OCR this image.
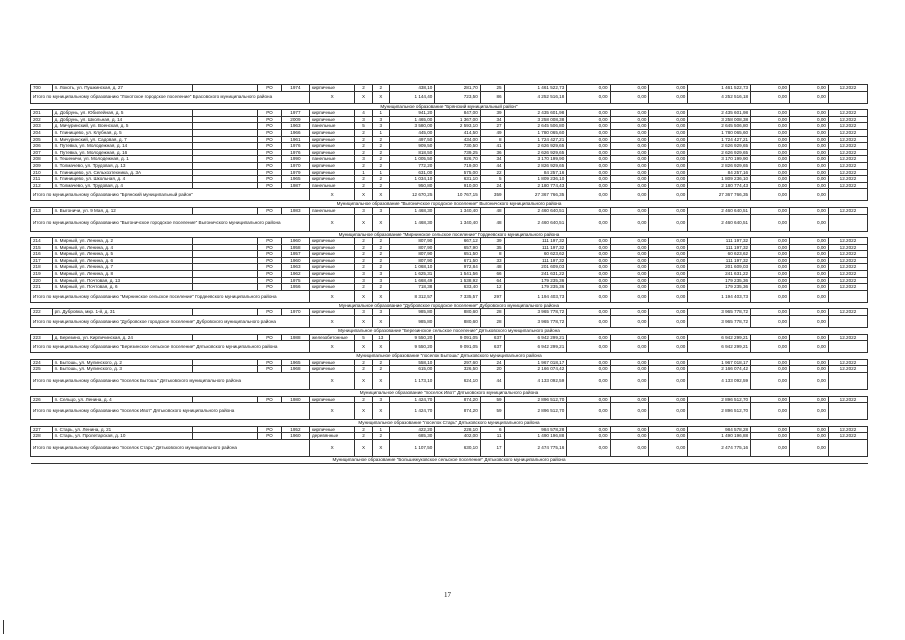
700	п. Локоть, ул. Пушкинская, д. 27		РО	1974	кирпичные	2	2	438,10	281,70	25	1 461 522,73	0,00	0,00	0,00	1 461 522,73	0,00	0,00	12.2022
Итого по муниципальному образованию "Локотское городское поселение" Брасовского муниципального района					X	X	X	1 144,40	723,50	86	4 252 516,18	0,00	0,00	0,00	4 252 516,18	0,00	0,00	
Муниципальное образование "Брянский муниципальный район"																		
201	д. Добрунь, ул. Юбилейная, д. 5		РО	1977	кирпичные	4	1	941,20	847,00	39	2 435 601,98	0,00	0,00	0,00	2 435 601,98	0,00	0,00	12.2022
202	д. Добрунь, ул. Школьная, д. 14		РО	2009	кирпичные	3	3	1 465,00	1 367,00	34	3 258 008,38	0,00	0,00	0,00	3 258 008,38	0,00	0,00	12.2022
203	д. Мичуринский, ул. Военская, д. 5		РО	1963	панельные	5	3	3 580,00	2 593,10	27	2 645 506,80	0,00	0,00	0,00	2 645 506,80	0,00	0,00	12.2022
204	п. Глинищево, ул. Клубная, д. 5		РО	1966	кирпичные	2	1	445,00	414,50	49	1 780 065,60	0,00	0,00	0,00	1 780 065,60	0,00	0,00	12.2022
205	п. Мичуринский, ул. Садовая, д. 7		РО	1961	кирпичные	2	2	497,50	434,00	8	1 724 427,21	0,00	0,00	0,00	1 724 427,21	0,00	0,00	12.2022
206	п. Путевка, ул. Молодежная, д. 14		РО	1976	кирпичные	2	2	909,50	730,50	41	2 626 929,65	0,00	0,00	0,00	2 626 929,65	0,00	0,00	12.2022
207	п. Путевка, ул. Молодежная, д. 16		РО	1976	кирпичные	2	2	818,50	739,25	36	2 626 929,65	0,00	0,00	0,00	2 626 929,65	0,00	0,00	12.2022
208	п. Тешеничи, ул. Молодежная, д. 1		РО	1990	панельные	3	2	1 005,50	926,70	34	3 170 199,90	0,00	0,00	0,00	3 170 199,90	0,00	0,00	12.2022
209	п. Толмачево, ул. Трудовая, д. 13		РО	1970	кирпичные	2	2	772,20	719,00	44	2 826 929,65	0,00	0,00	0,00	2 826 929,65	0,00	0,00	12.2022
210	п. Глинищево, ул. Сельхозтехника, д. 3А		РО	1979	кирпичные	1	1	631,00	575,00	22	84 257,16	0,00	0,00	0,00	84 257,16	0,00	0,00	12.2022
211	п. Глинищево, ул. Школьная, д. 4		РО	1965	кирпичные	2	2	1 034,10	631,10	5	1 809 236,10	0,00	0,00	0,00	1 809 236,10	0,00	0,00	12.2022
212	п. Толмачево, ул. Трудовая, д. 4		РО	1987	панельные	2	2	950,80	910,00	24	2 180 774,43	0,00	0,00	0,00	2 180 774,43	0,00	0,00	12.2022
Итого по муниципальному образованию "Брянский муниципальный район"					X	X	X	12 670,25	10 767,15	359	27 367 766,35	0,00	0,00	0,00	27 367 766,35	0,00	0,00	
Муниципальное образование "Выгоничское городское поселение" Выгоничского муниципального района																		
213	п. Выгоничи, ул. 9 Мая, д. 12		РО	1983	панельные	3	3	1 468,30	1 340,40	48	2 460 640,51	0,00	0,00	0,00	2 460 640,51	0,00	0,00	12.2022
Итого по муниципальному образованию "Выгоничское городское поселение" Выгоничского муниципального района					X	X	X	1 468,30	1 340,40	48	2 460 640,51	0,00	0,00	0,00	2 460 640,51	0,00	0,00	
Муниципальное образование "Мирнинское сельское поселение" Гордеевского муниципального района																		
214	п. Мирный, ул. Ленина, д. 2		РО	1960	кирпичные	2	2	807,90	667,12	39	111 197,32	0,00	0,00	0,00	111 197,32	0,00	0,00	12.2022
215	п. Мирный, ул. Ленина, д. 4		РО	1958	кирпичные	2	2	807,90	657,90	35	111 197,32	0,00	0,00	0,00	111 197,32	0,00	0,00	12.2022
216	п. Мирный, ул. Ленина, д. 5		РО	1957	кирпичные	2	2	807,90	651,50	8	60 623,62	0,00	0,00	0,00	60 623,62	0,00	0,00	12.2022
217	п. Мирный, ул. Ленина, д. 6		РО	1960	кирпичные	2	2	807,90	671,50	33	111 197,32	0,00	0,00	0,00	111 197,32	0,00	0,00	12.2022
218	п. Мирный, ул. Ленина, д. 7		РО	1963	кирпичные	2	2	1 068,10	972,84	48	201 609,03	0,00	0,00	0,00	201 609,03	0,00	0,00	12.2022
219	п. Мирный, ул. Ленина, д. 8		РО	1962	кирпичные	3	3	1 625,31	1 541,56	66	241 631,22	0,00	0,00	0,00	241 631,22	0,00	0,00	12.2022
220	п. Мирный, ул. Почтовая, д. 13		РО	1975	кирпичные	3	3	1 668,49	1 538,92	64	179 235,36	0,00	0,00	0,00	179 235,36	0,00	0,00	12.2022
221	п. Мирный, ул. Почтовая, д. 6		РО	1956	кирпичные	2	2	718,38	633,40	12	179 235,36	0,00	0,00	0,00	179 235,36	0,00	0,00	12.2022
Итого по муниципальному образованию "Мирнинское сельское поселение" Гордеевского муниципального района					X	X	X	8 312,57	7 335,57	297	1 194 403,73	0,00	0,00	0,00	1 194 403,73	0,00	0,00	
Муниципальное образование "Дубровское городское поселение" Дубровского муниципального района																		
222	рп. Дубровка, мкр. 1-й, д. 31		РО	1970	кирпичные	3	3	985,80	880,60	28	3 965 778,72	0,00	0,00	0,00	3 965 778,72	0,00	0,00	12.2022
Итого по муниципальному образованию "Дубровское городское поселение" Дубровского муниципального района					X	X	X	985,80	880,60	28	3 965 778,72	0,00	0,00	0,00	3 965 778,72	0,00	0,00	
Муниципальное образование "Березинское сельское поселение" Дятьковского муниципального района																		
223	д. Березино, ул. Кирпичинская, д. 24		РО	1988	железобетонные	5	13	9 550,20	9 091,05	637	6 942 299,21	0,00	0,00	0,00	6 942 299,21	0,00	0,00	12.2022
Итого по муниципальному образованию "Березинское сельское поселение" Дятьковского муниципального района					X	X	X	9 550,20	9 091,05	637	6 942 299,21	0,00	0,00	0,00	6 942 299,21	0,00	0,00	
Муниципальное образование "поселок Бытошь" Дятьковского муниципального района																		
224	п. Бытошь, ул. Мулинского, д. 2		РО	1965	кирпичные	2	2	558,10	297,60	24	1 967 018,17	0,00	0,00	0,00	1 967 018,17	0,00	0,00	12.2022
225	п. Бытошь, ул. Мулинского, д. 3		РО	1968	кирпичные	2	2	615,00	326,50	20	2 166 074,42	0,00	0,00	0,00	2 166 074,42	0,00	0,00	12.2022
Итого по муниципальному образованию "поселок Бытошь" Дятьковского муниципального района					X	X	X	1 173,10	624,10	44	4 133 092,59	0,00	0,00	0,00	4 133 092,59	0,00	0,00	
Муниципальное образование "поселок Ивот" Дятьковского муниципального района																		
226	п. Сельцо, ул. Ленина, д. 4		РО	1980	кирпичные	2	3	1 424,70	874,20	59	2 896 512,70	0,00	0,00	0,00	2 896 512,70	0,00	0,00	12.2022
Итого по муниципальному образованию "поселок Ивот" Дятьковского муниципального района					X	X	X	1 424,70	874,20	59	2 896 512,70	0,00	0,00	0,00	2 896 512,70	0,00	0,00	
Муниципальное образование "поселок Старь" Дятьковского муниципального района																		
227	п. Старь, ул. Ленина, д. 21		РО	1952	кирпичные	2	1	422,20	228,10	6	984 578,28	0,00	0,00	0,00	984 578,28	0,00	0,00	12.2022
228	п. Старь, ул. Пролетарская, д. 10		РО	1960	деревянные	2	2	685,30	402,00	11	1 490 196,88	0,00	0,00	0,00	1 490 196,88	0,00	0,00	12.2022
Итого по муниципальному образованию "поселок Старь" Дятьковского муниципального района					X	X	X	1 107,50	630,10	17	2 474 775,16	0,00	0,00	0,00	2 474 775,16	0,00	0,00	
Муниципальное образование "Большежуковское сельское поселение" Дятьковского муниципального района																		
17
